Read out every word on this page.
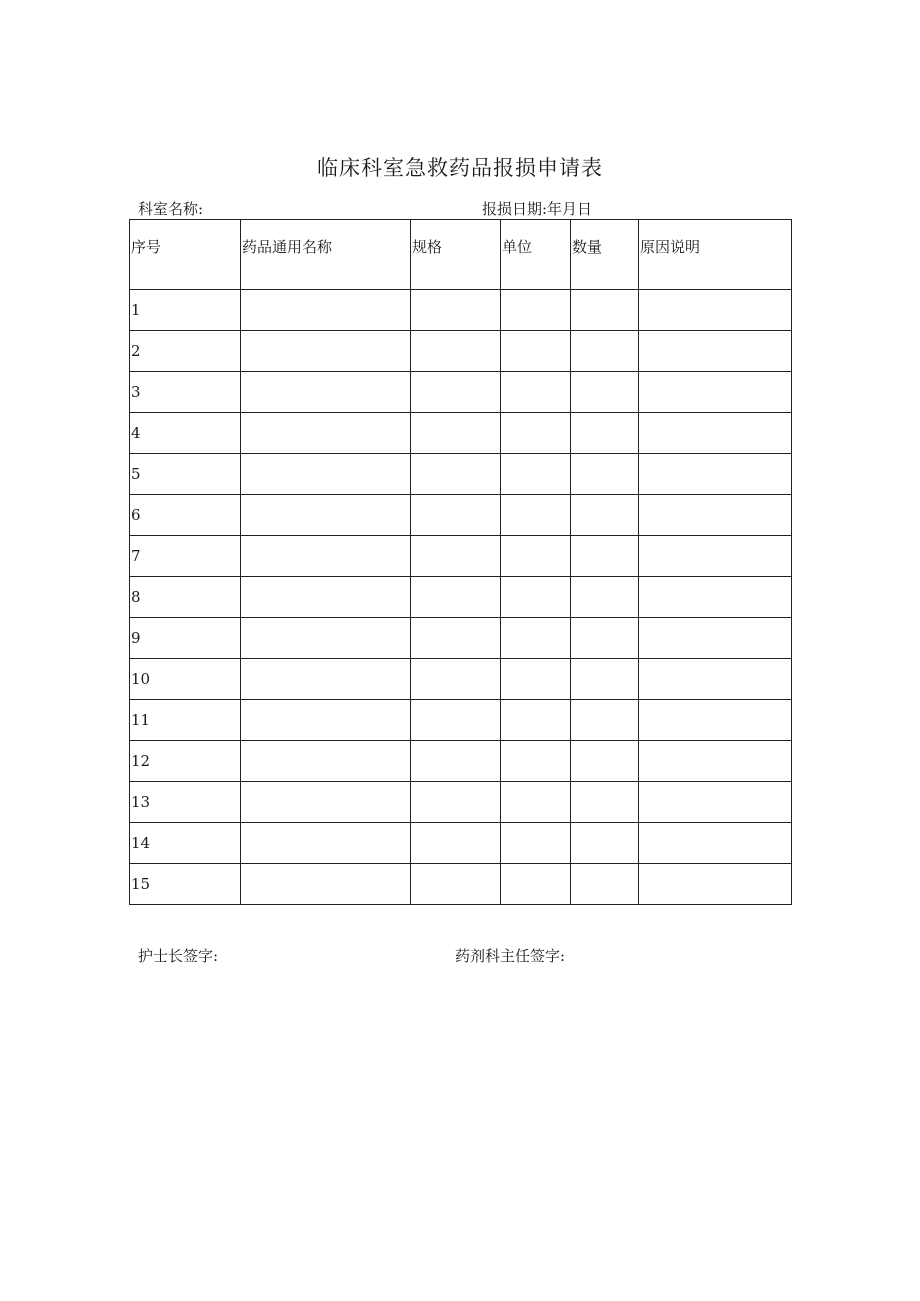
临床科室急救药品报损申请表
科室名称:	报损日期:年月日
序号	药品通用名称	规格	单位	数量	原因说明
1					
2					
3					
4					
5					
6					
7					
8					
9					
10					
11					
12					
13					
14					
15					
护士长签字:	药剂科主任签字:
